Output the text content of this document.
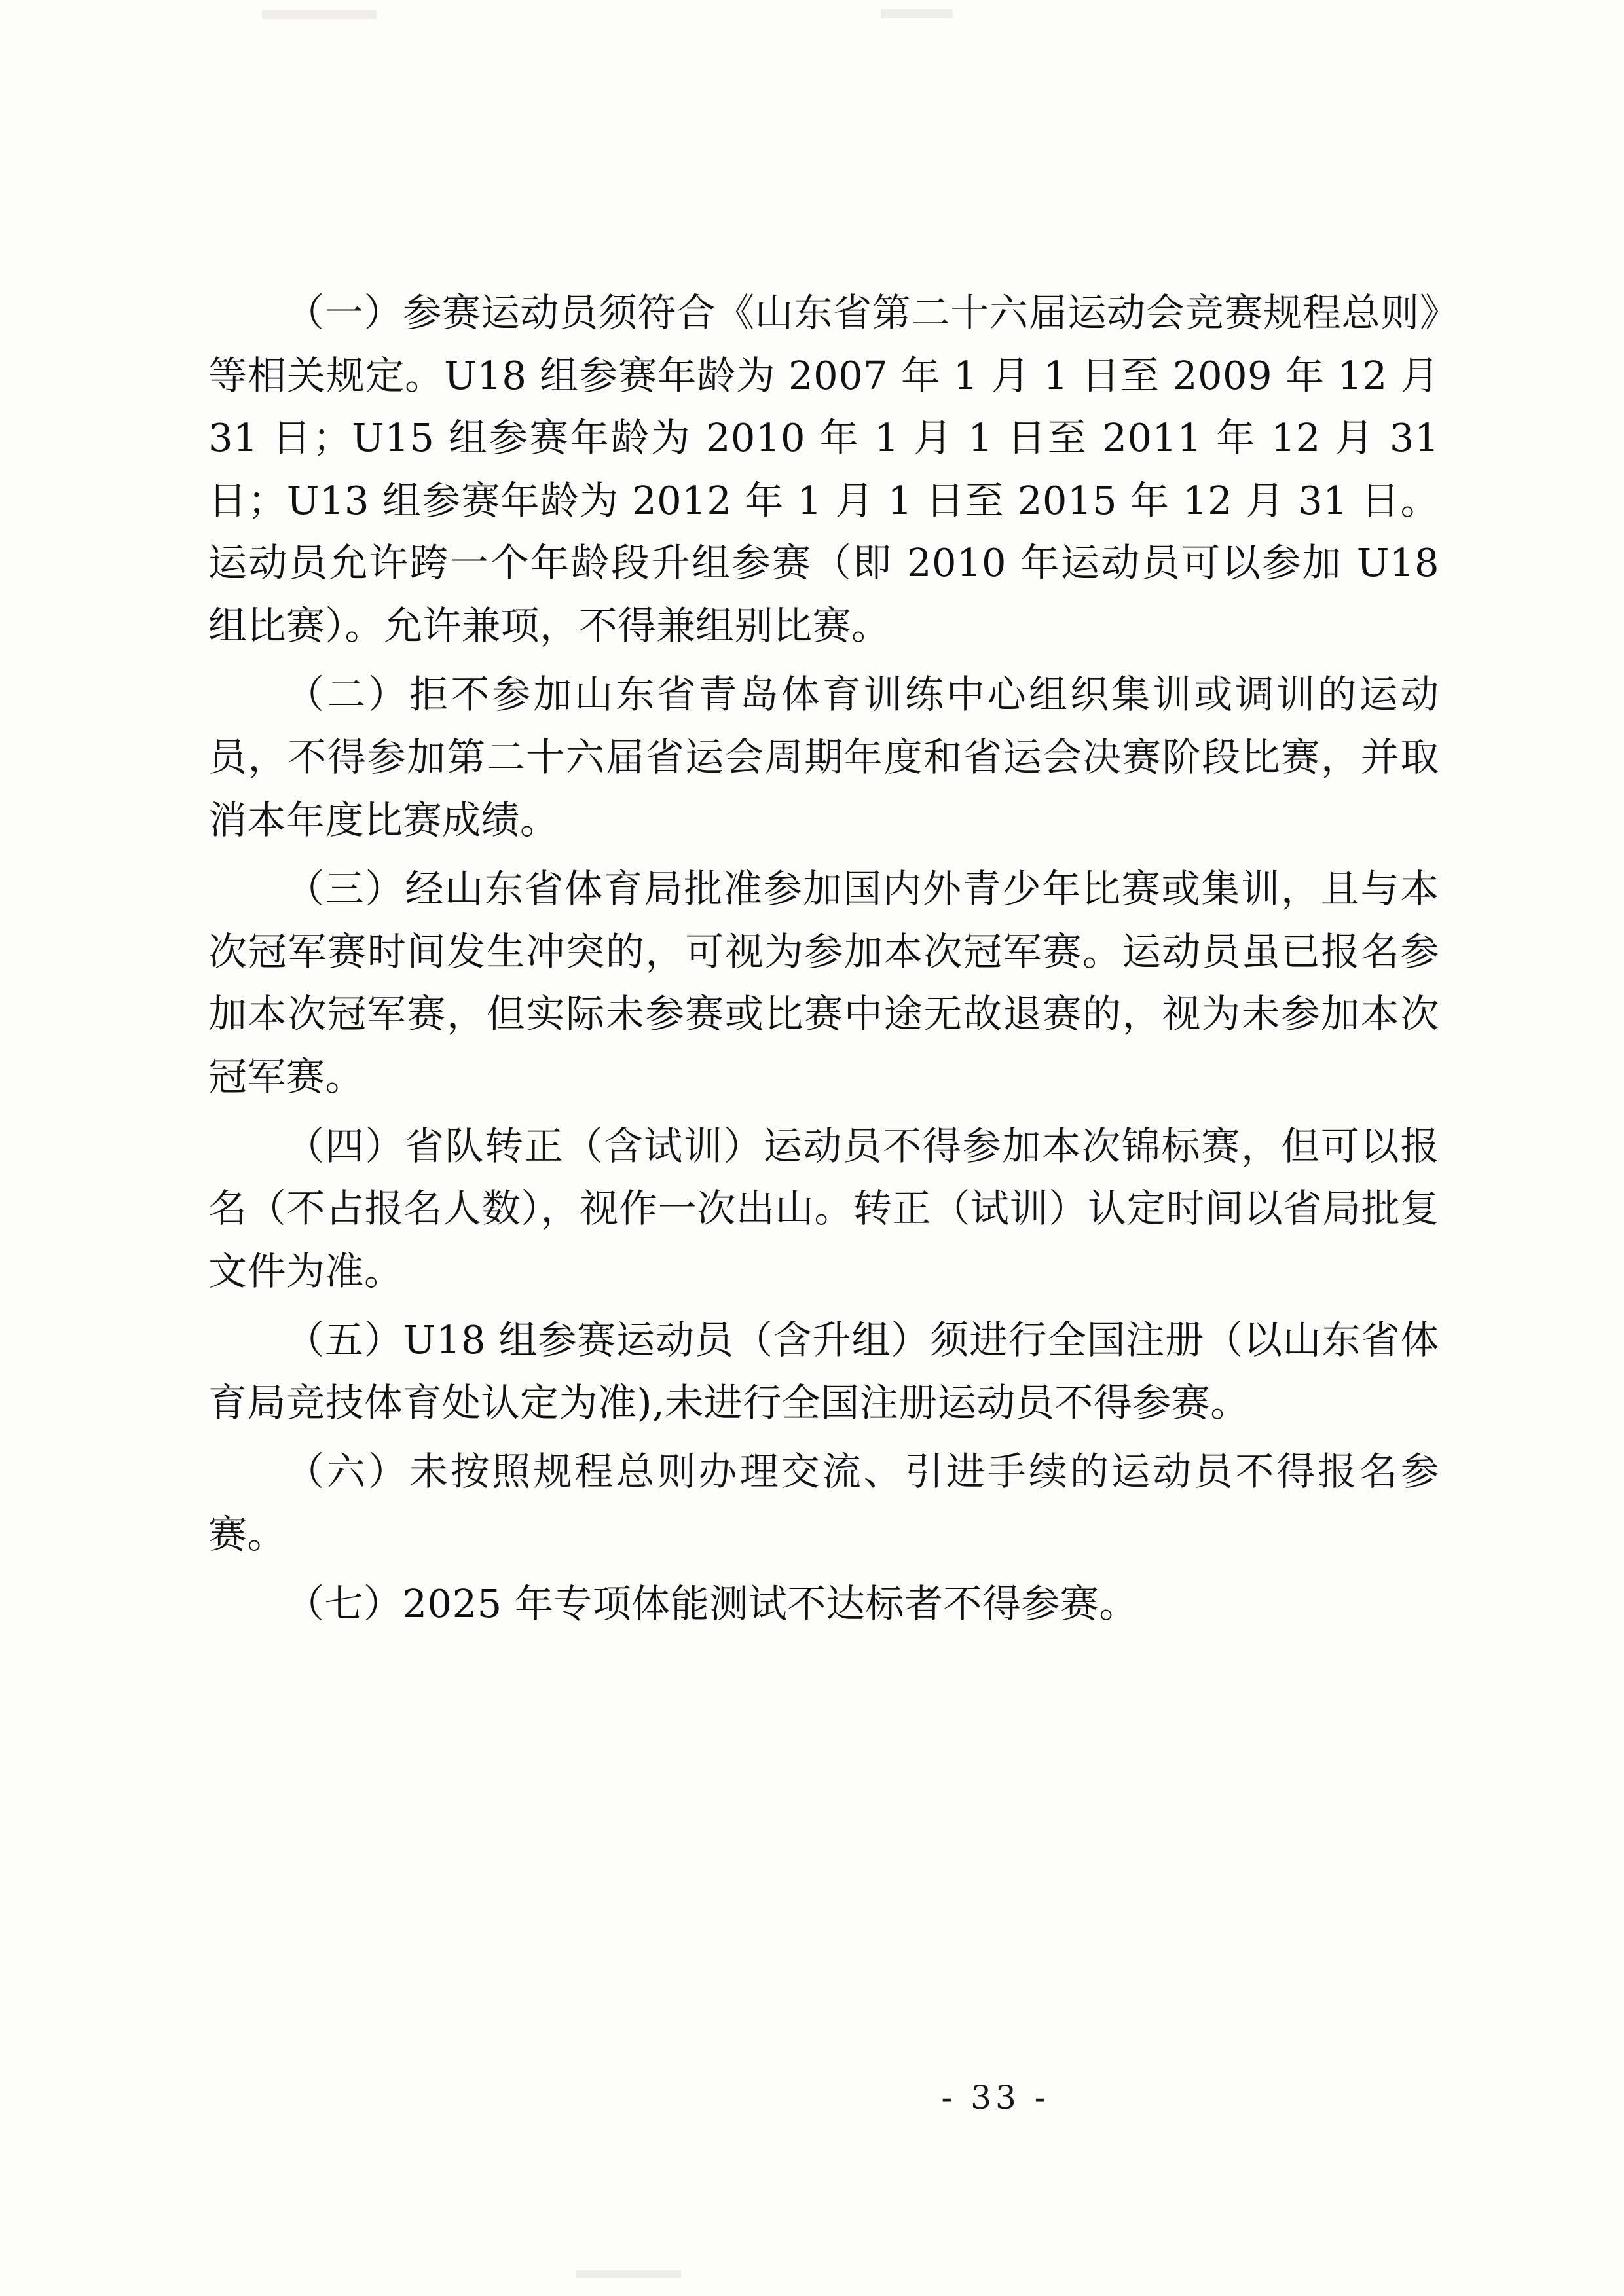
（一）参赛运动员须符合《山东省第二十六届运动会竞赛规程总则》等相关规定。U18 组参赛年龄为 2007 年 1 月 1 日至 2009 年 12 月 31 日；U15 组参赛年龄为 2010 年 1 月 1 日至 2011 年 12 月 31 日；U13 组参赛年龄为 2012 年 1 月 1 日至 2015 年 12 月 31 日。运动员允许跨一个年龄段升组参赛（即 2010 年运动员可以参加 U18 组比赛）。允许兼项，不得兼组别比赛。

（二）拒不参加山东省青岛体育训练中心组织集训或调训的运动员，不得参加第二十六届省运会周期年度和省运会决赛阶段比赛，并取消本年度比赛成绩。

（三）经山东省体育局批准参加国内外青少年比赛或集训，且与本次冠军赛时间发生冲突的，可视为参加本次冠军赛。运动员虽已报名参加本次冠军赛，但实际未参赛或比赛中途无故退赛的，视为未参加本次冠军赛。

（四）省队转正（含试训）运动员不得参加本次锦标赛，但可以报名（不占报名人数），视作一次出山。转正（试训）认定时间以省局批复文件为准。

（五）U18 组参赛运动员（含升组）须进行全国注册（以山东省体育局竞技体育处认定为准),未进行全国注册运动员不得参赛。

（六）未按照规程总则办理交流、引进手续的运动员不得报名参赛。

（七）2025 年专项体能测试不达标者不得参赛。

- 33 -
